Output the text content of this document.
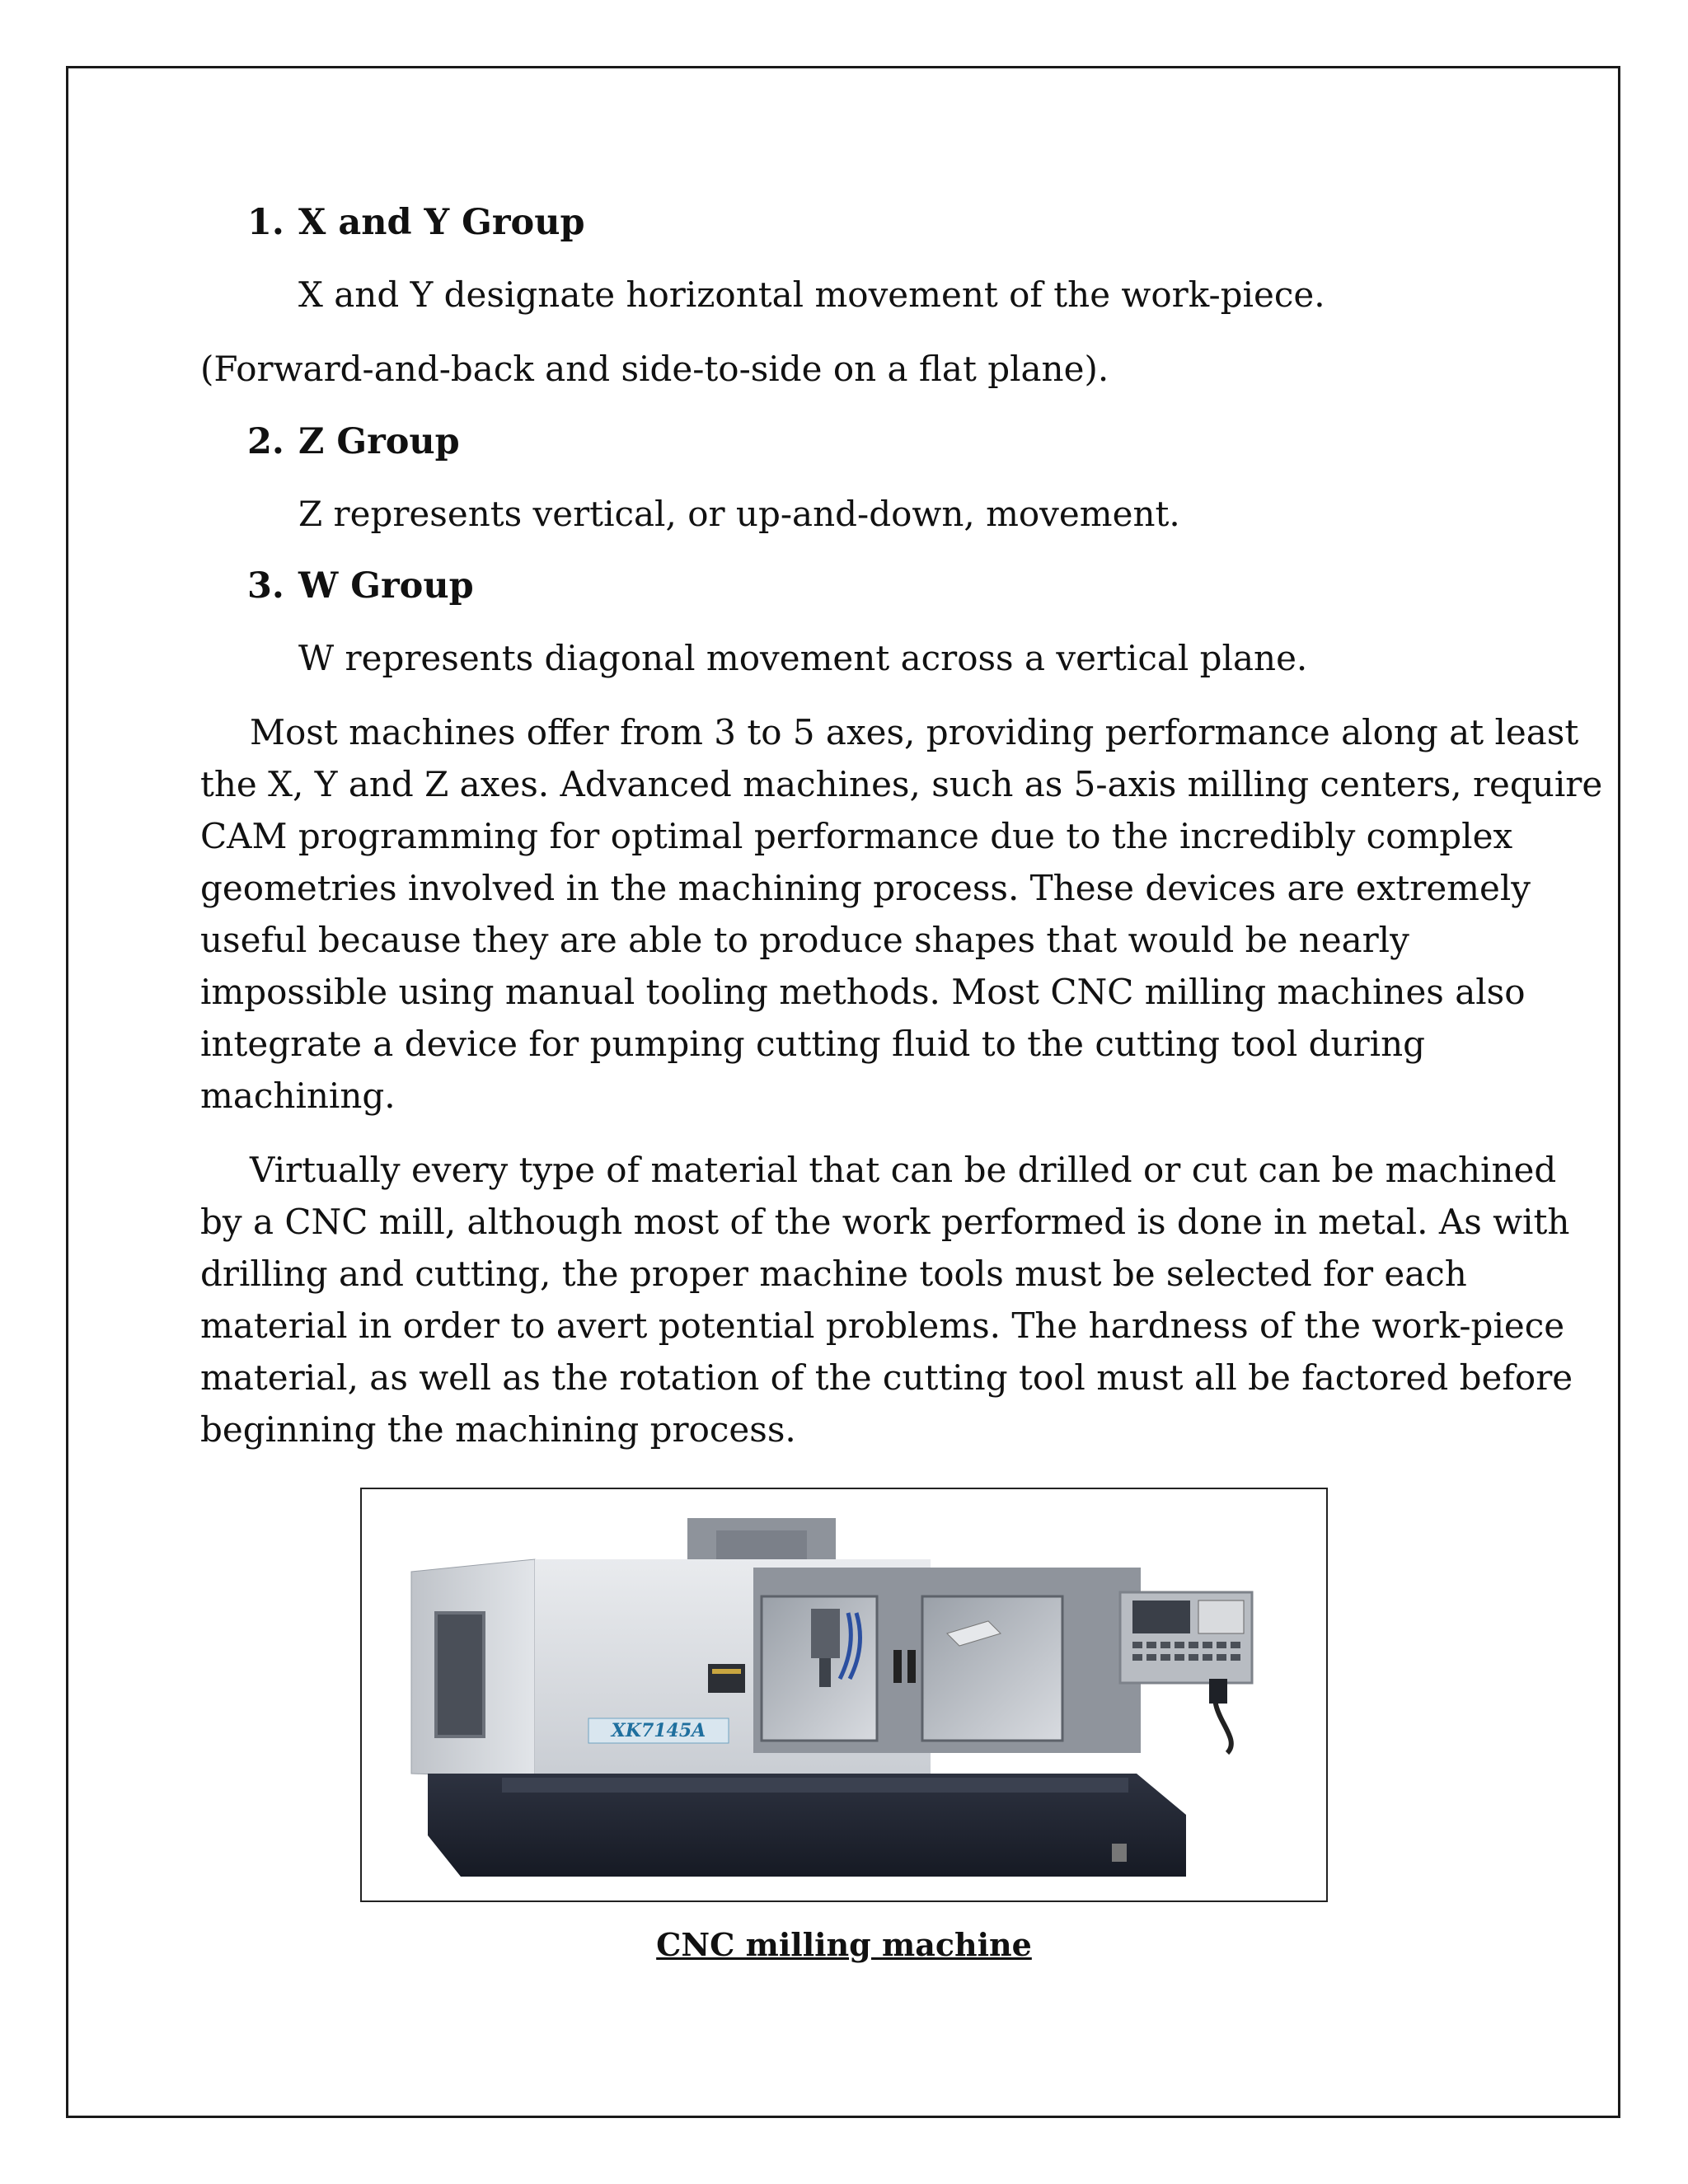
1. X and Y Group
X and Y designate horizontal movement of the work-piece.
(Forward-and-back and side-to-side on a flat plane).
2. Z Group
Z represents vertical, or up-and-down, movement.
3. W Group
W represents diagonal movement across a vertical plane.
Most machines offer from 3 to 5 axes, providing performance along at least
the X, Y and Z axes. Advanced machines, such as 5-axis milling centers, require
CAM programming for optimal performance due to the incredibly complex
geometries involved in the machining process. These devices are extremely
useful because they are able to produce shapes that would be nearly
impossible using manual tooling methods. Most CNC milling machines also
integrate a device for pumping cutting fluid to the cutting tool during
machining.
Virtually every type of material that can be drilled or cut can be machined
by a CNC mill, although most of the work performed is done in metal. As with
drilling and cutting, the proper machine tools must be selected for each
material in order to avert potential problems. The hardness of the work-piece
material, as well as the rotation of the cutting tool must all be factored before
beginning the machining process.
XK7145A
CNC milling machine
